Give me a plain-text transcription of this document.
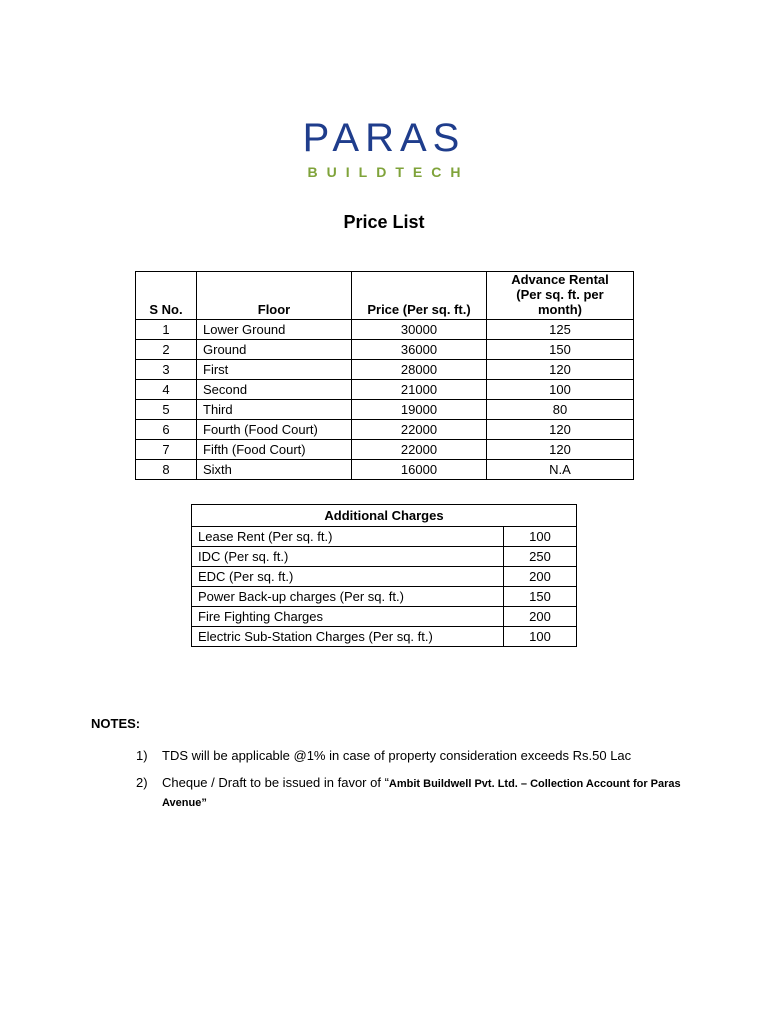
PARAS
BUILDTECH
Price List
S No.	Floor	Price (Per sq. ft.)	Advance Rental
(Per sq. ft. per month)

1	Lower Ground	30000	125
2	Ground	36000	150
3	First	28000	120
4	Second	21000	100
5	Third	19000	80
6	Fourth (Food Court)	22000	120
7	Fifth (Food Court)	22000	120
8	Sixth	16000	N.A
Additional Charges	
Lease Rent (Per sq. ft.)	100
IDC (Per sq. ft.)	250
EDC (Per sq. ft.)	200
Power Back-up charges (Per sq. ft.)	150
Fire Fighting Charges	200
Electric Sub-Station Charges (Per sq. ft.)	100
NOTES:
1)	TDS will be applicable @1% in case of property consideration exceeds Rs.50 Lac
2)	Cheque / Draft to be issued in favor of “Ambit Buildwell Pvt. Ltd. – Collection Account for Paras Avenue”
